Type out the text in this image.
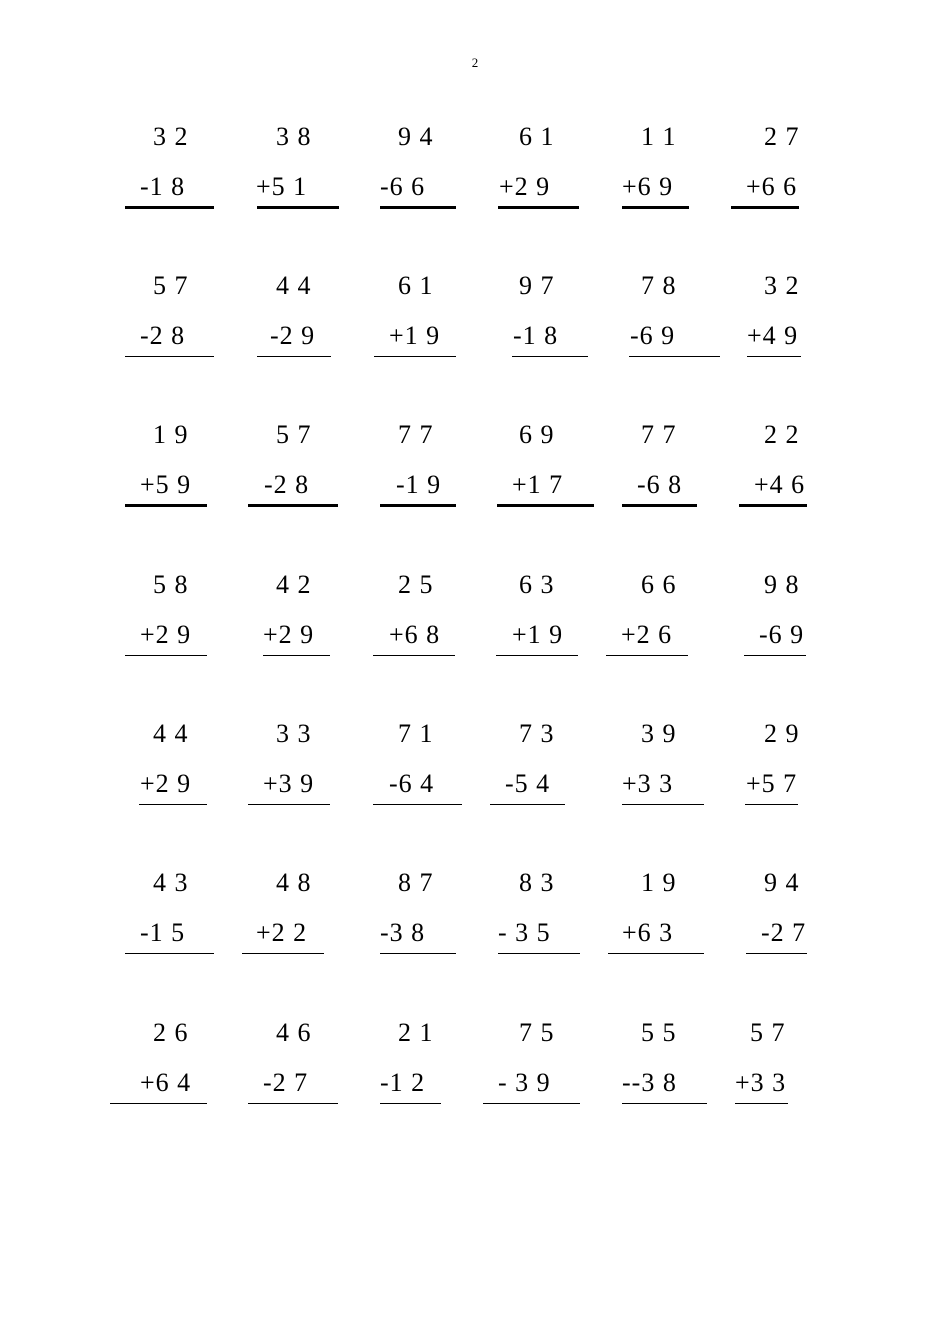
2
3 2
-1 8
3 8
+5 1
9 4
-6 6
6 1
+2 9
1 1
+6 9
2 7
+6 6
5 7
-2 8
4 4
-2 9
6 1
+1 9
9 7
-1 8
7 8
-6 9
3 2
+4 9
1 9
+5 9
5 7
-2 8
7 7
-1 9
6 9
+1 7
7 7
-6 8
2 2
+4 6
5 8
+2 9
4 2
+2 9
2 5
+6 8
6 3
+1 9
6 6
+2 6
9 8
-6 9
4 4
+2 9
3 3
+3 9
7 1
-6 4
7 3
-5 4
3 9
+3 3
2 9
+5 7
4 3
-1 5
4 8
+2 2
8 7
-3 8
8 3
- 3 5
1 9
+6 3
9 4
-2 7
2 6
+6 4
4 6
-2 7
2 1
-1 2
7 5
- 3 9
5 5
--3 8
5 7
+3 3
